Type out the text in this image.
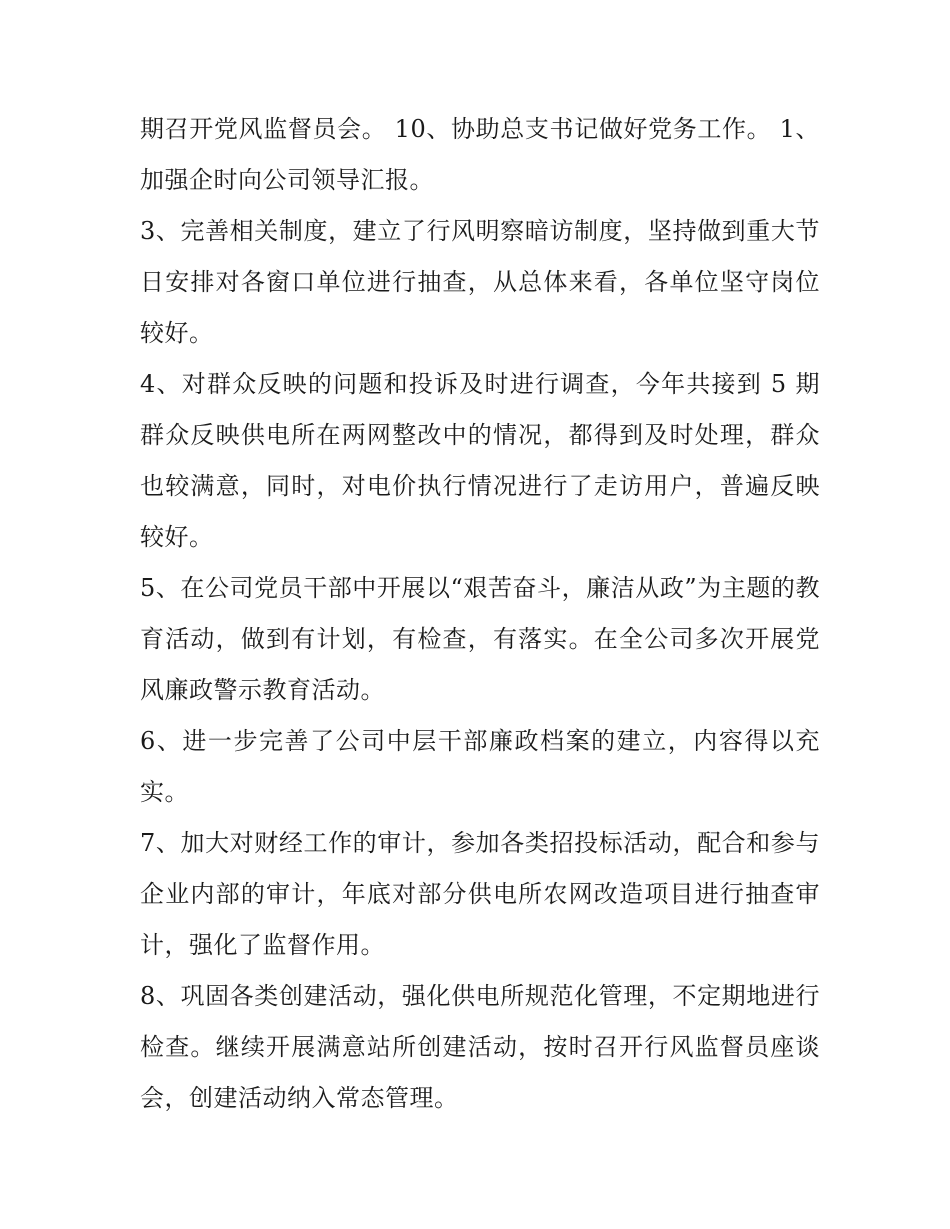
期召开党风监督员会。 10、协助总支书记做好党务工作。 1、加强企时向公司领导汇报。

3、完善相关制度，建立了行风明察暗访制度，坚持做到重大节日安排对各窗口单位进行抽查，从总体来看，各单位坚守岗位较好。

4、对群众反映的问题和投诉及时进行调查，今年共接到 5 期群众反映供电所在两网整改中的情况，都得到及时处理，群众也较满意，同时，对电价执行情况进行了走访用户，普遍反映较好。

5、在公司党员干部中开展以“艰苦奋斗，廉洁从政”为主题的教育活动，做到有计划，有检查，有落实。在全公司多次开展党风廉政警示教育活动。

6、进一步完善了公司中层干部廉政档案的建立，内容得以充实。

7、加大对财经工作的审计，参加各类招投标活动，配合和参与企业内部的审计，年底对部分供电所农网改造项目进行抽查审计，强化了监督作用。

8、巩固各类创建活动，强化供电所规范化管理，不定期地进行检查。继续开展满意站所创建活动，按时召开行风监督员座谈会，创建活动纳入常态管理。
